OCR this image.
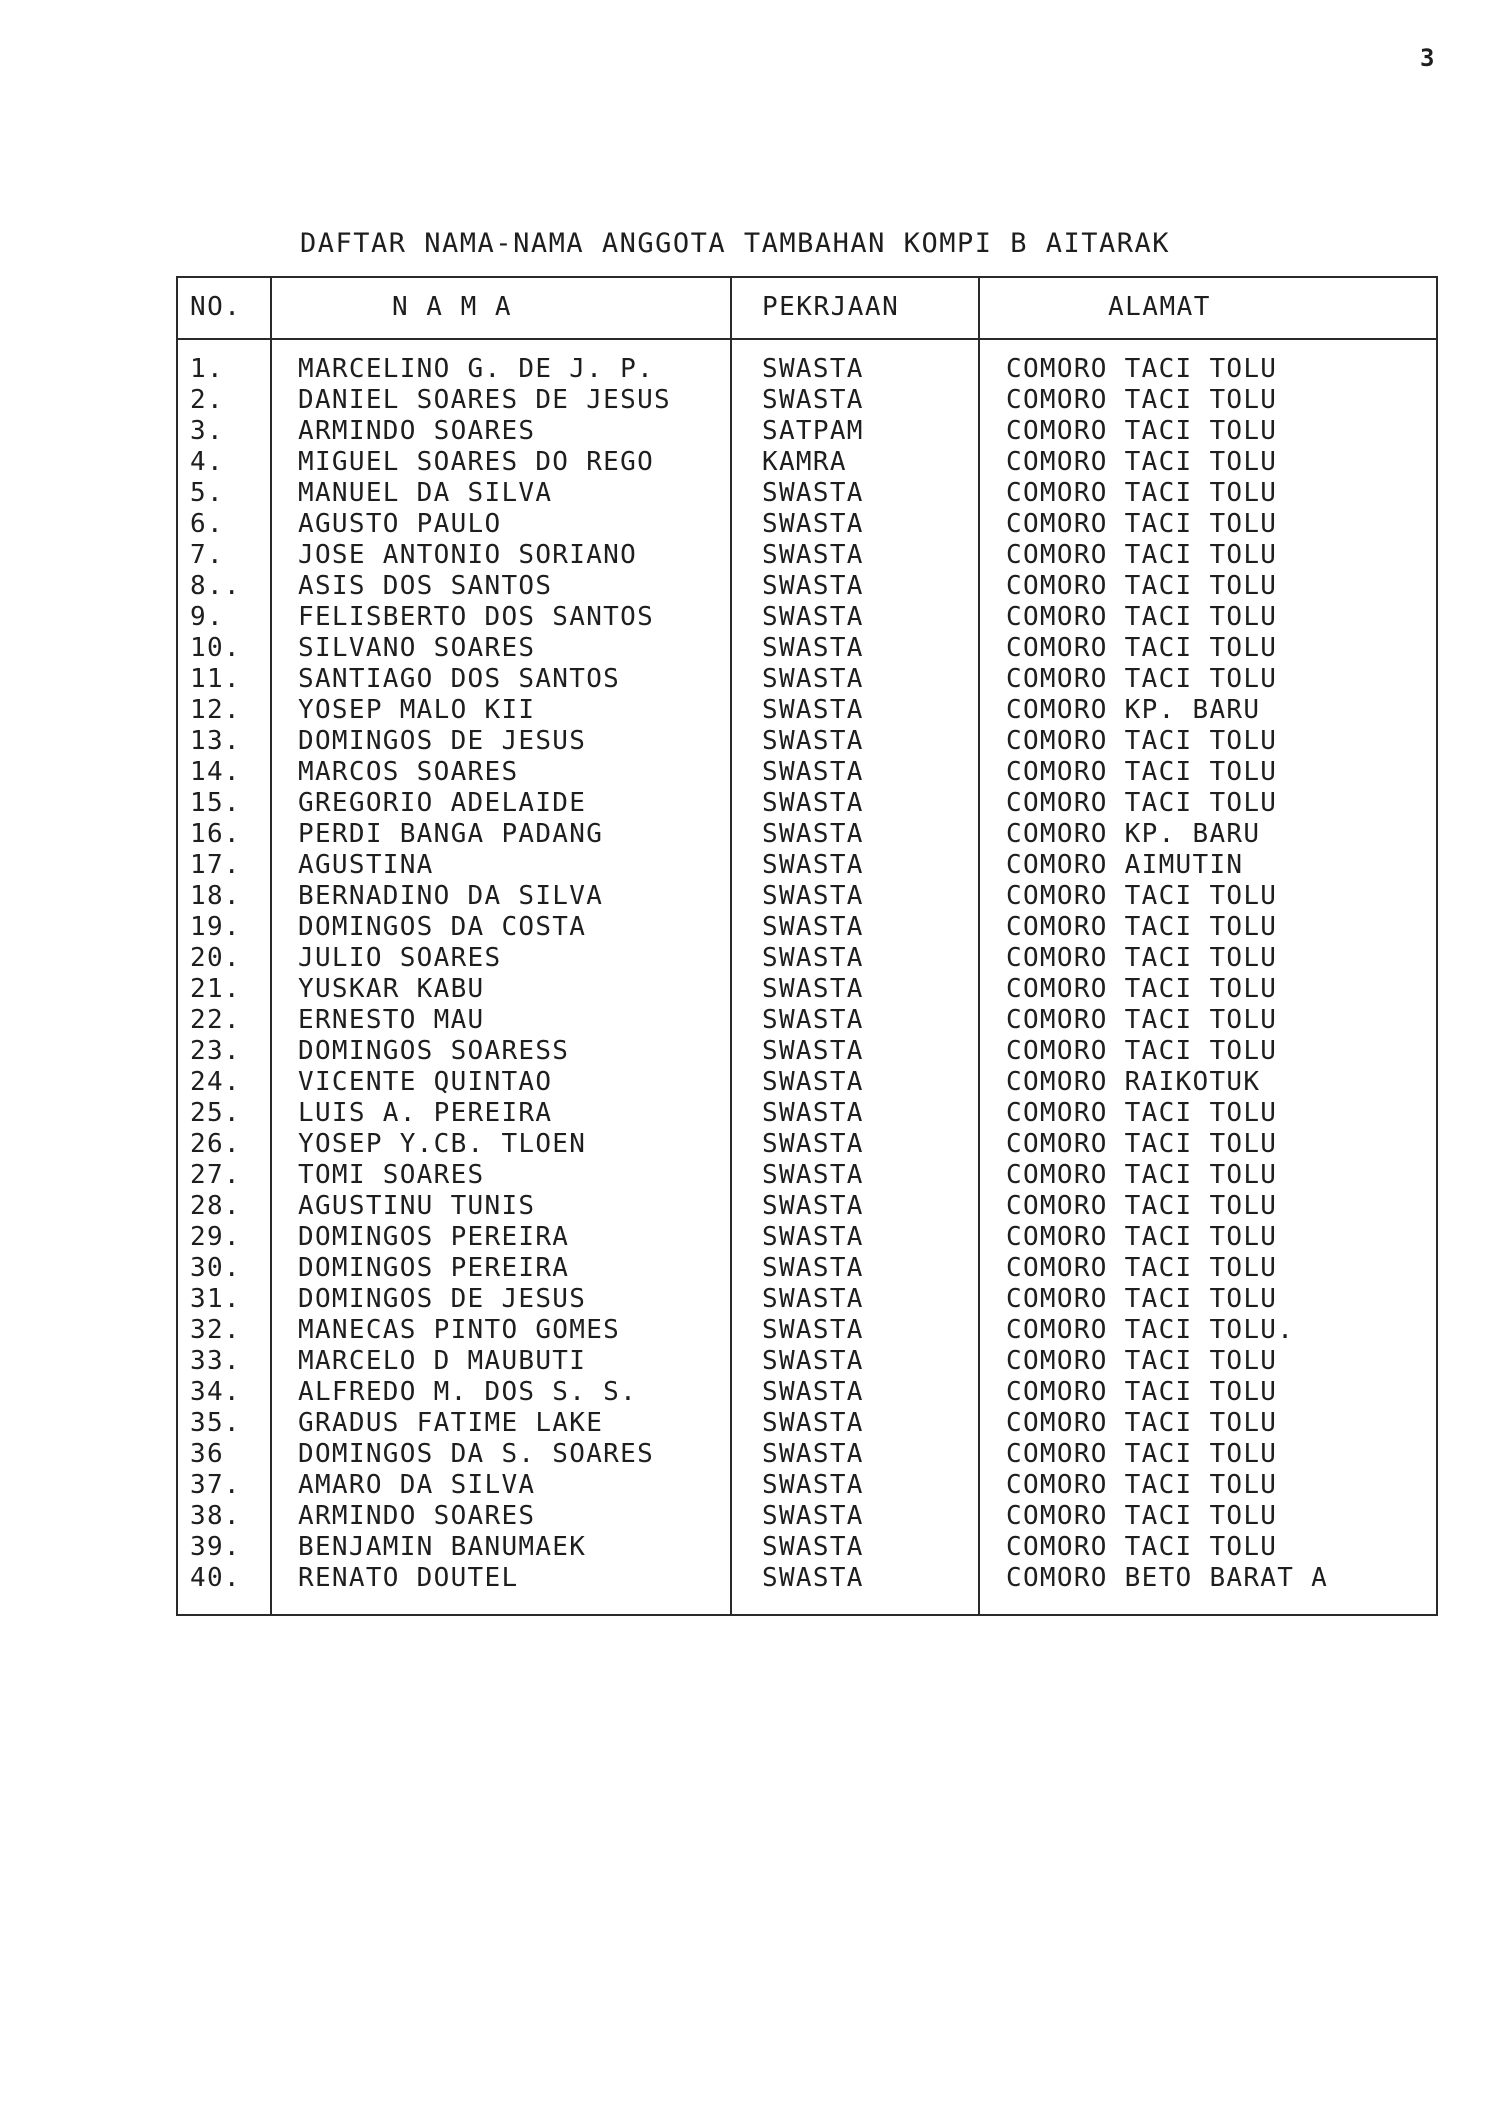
3
DAFTAR NAMA-NAMA ANGGOTA TAMBAHAN KOMPI B AITARAK
NO.	N A M A	PEKRJAAN	ALAMAT
1.	MARCELINO G. DE J. P.	SWASTA	COMORO TACI TOLU
2.	DANIEL SOARES DE JESUS	SWASTA	COMORO TACI TOLU
3.	ARMINDO SOARES	SATPAM	COMORO TACI TOLU
4.	MIGUEL SOARES DO REGO	KAMRA	COMORO TACI TOLU
5.	MANUEL DA SILVA	SWASTA	COMORO TACI TOLU
6.	AGUSTO PAULO	SWASTA	COMORO TACI TOLU
7.	JOSE ANTONIO SORIANO	SWASTA	COMORO TACI TOLU
8.. ASIS DOS SANTOS	SWASTA	COMORO TACI TOLU
9.	FELISBERTO DOS SANTOS	SWASTA	COMORO TACI TOLU
10. SILVANO SOARES	SWASTA	COMORO TACI TOLU
11. SANTIAGO DOS SANTOS	SWASTA	COMORO TACI TOLU
12. YOSEP MALO KII	SWASTA	COMORO KP. BARU
13. DOMINGOS DE JESUS	SWASTA	COMORO TACI TOLU
14. MARCOS SOARES	SWASTA	COMORO TACI TOLU
15. GREGORIO ADELAIDE	SWASTA	COMORO TACI TOLU
16. PERDI BANGA PADANG	SWASTA	COMORO KP. BARU
17. AGUSTINA	SWASTA	COMORO AIMUTIN
18. BERNADINO DA SILVA	SWASTA	COMORO TACI TOLU
19. DOMINGOS DA COSTA	SWASTA	COMORO TACI TOLU
20. JULIO SOARES	SWASTA	COMORO TACI TOLU
21. YUSKAR KABU	SWASTA	COMORO TACI TOLU
22. ERNESTO MAU	SWASTA	COMORO TACI TOLU
23. DOMINGOS SOARESS	SWASTA	COMORO TACI TOLU
24. VICENTE QUINTAO	SWASTA	COMORO RAIKOTUK
25. LUIS A. PEREIRA	SWASTA	COMORO TACI TOLU
26. YOSEP Y.CB. TLOEN	SWASTA	COMORO TACI TOLU
27. TOMI SOARES	SWASTA	COMORO TACI TOLU
28. AGUSTINU TUNIS	SWASTA	COMORO TACI TOLU
29. DOMINGOS PEREIRA	SWASTA	COMORO TACI TOLU
30. DOMINGOS PEREIRA	SWASTA	COMORO TACI TOLU
31. DOMINGOS DE JESUS	SWASTA	COMORO TACI TOLU
32. MANECAS PINTO GOMES	SWASTA	COMORO TACI TOLU.
33. MARCELO D MAUBUTI	SWASTA	COMORO TACI TOLU
34. ALFREDO M. DOS S. S.	SWASTA	COMORO TACI TOLU
35. GRADUS FATIME LAKE	SWASTA	COMORO TACI TOLU
36	DOMINGOS DA S. SOARES	SWASTA	COMORO TACI TOLU
37. AMARO DA SILVA	SWASTA	COMORO TACI TOLU
38. ARMINDO SOARES	SWASTA	COMORO TACI TOLU
39. BENJAMIN BANUMAEK	SWASTA	COMORO TACI TOLU
40. RENATO DOUTEL	SWASTA	COMORO BETO BARAT A
